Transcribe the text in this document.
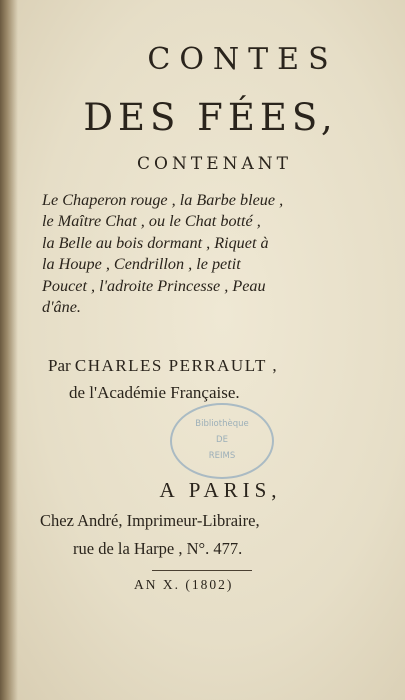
CONTES
DES FÉES,
CONTENANT
Le Chaperon rouge , la Barbe bleue ,
le Maître Chat , ou le Chat botté ,
la Belle au bois dormant , Riquet à
la Houpe , Cendrillon , le petit
Poucet , l'adroite Princesse , Peau
d'âne.
Par CHARLES PERRAULT ,
de l'Académie Française.
Bibliothèque
DE
REIMS
A PARIS,
Chez André, Imprimeur-Libraire,
rue de la Harpe , N°. 477.
AN X. (1802)
